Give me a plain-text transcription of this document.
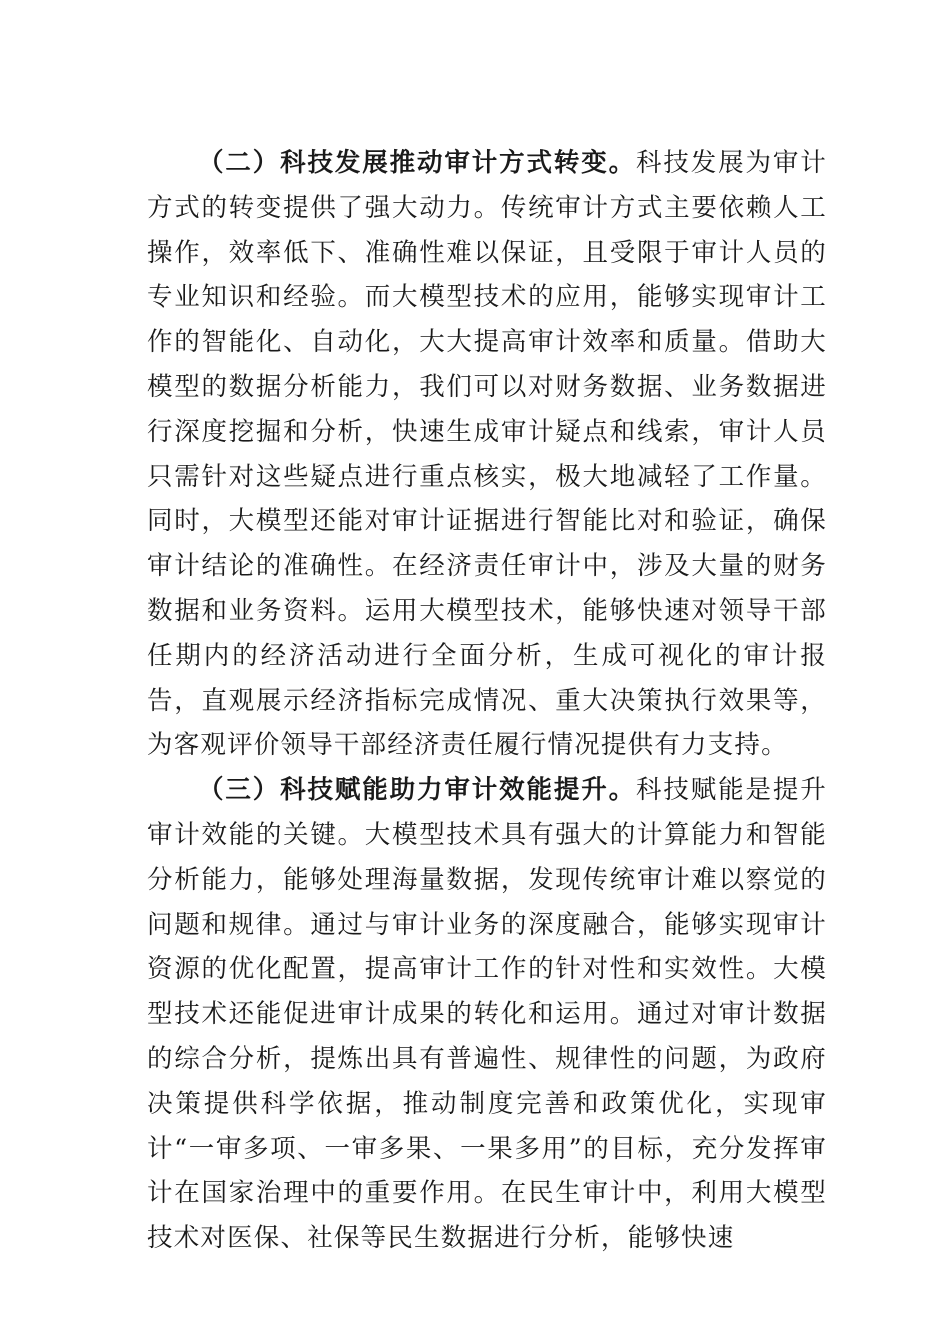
（二）科技发展推动审计方式转变。科技发展为审计方式的转变提供了强大动力。传统审计方式主要依赖人工操作，效率低下、准确性难以保证，且受限于审计人员的专业知识和经验。而大模型技术的应用，能够实现审计工作的智能化、自动化，大大提高审计效率和质量。借助大模型的数据分析能力，我们可以对财务数据、业务数据进行深度挖掘和分析，快速生成审计疑点和线索，审计人员只需针对这些疑点进行重点核实，极大地减轻了工作量。同时，大模型还能对审计证据进行智能比对和验证，确保审计结论的准确性。在经济责任审计中，涉及大量的财务数据和业务资料。运用大模型技术，能够快速对领导干部任期内的经济活动进行全面分析，生成可视化的审计报告，直观展示经济指标完成情况、重大决策执行效果等，为客观评价领导干部经济责任履行情况提供有力支持。

（三）科技赋能助力审计效能提升。科技赋能是提升审计效能的关键。大模型技术具有强大的计算能力和智能分析能力，能够处理海量数据，发现传统审计难以察觉的问题和规律。通过与审计业务的深度融合，能够实现审计资源的优化配置，提高审计工作的针对性和实效性。大模型技术还能促进审计成果的转化和运用。通过对审计数据的综合分析，提炼出具有普遍性、规律性的问题，为政府决策提供科学依据，推动制度完善和政策优化，实现审计“一审多项、一审多果、一果多用”的目标，充分发挥审计在国家治理中的重要作用。在民生审计中，利用大模型技术对医保、社保等民生数据进行分析，能够快速
